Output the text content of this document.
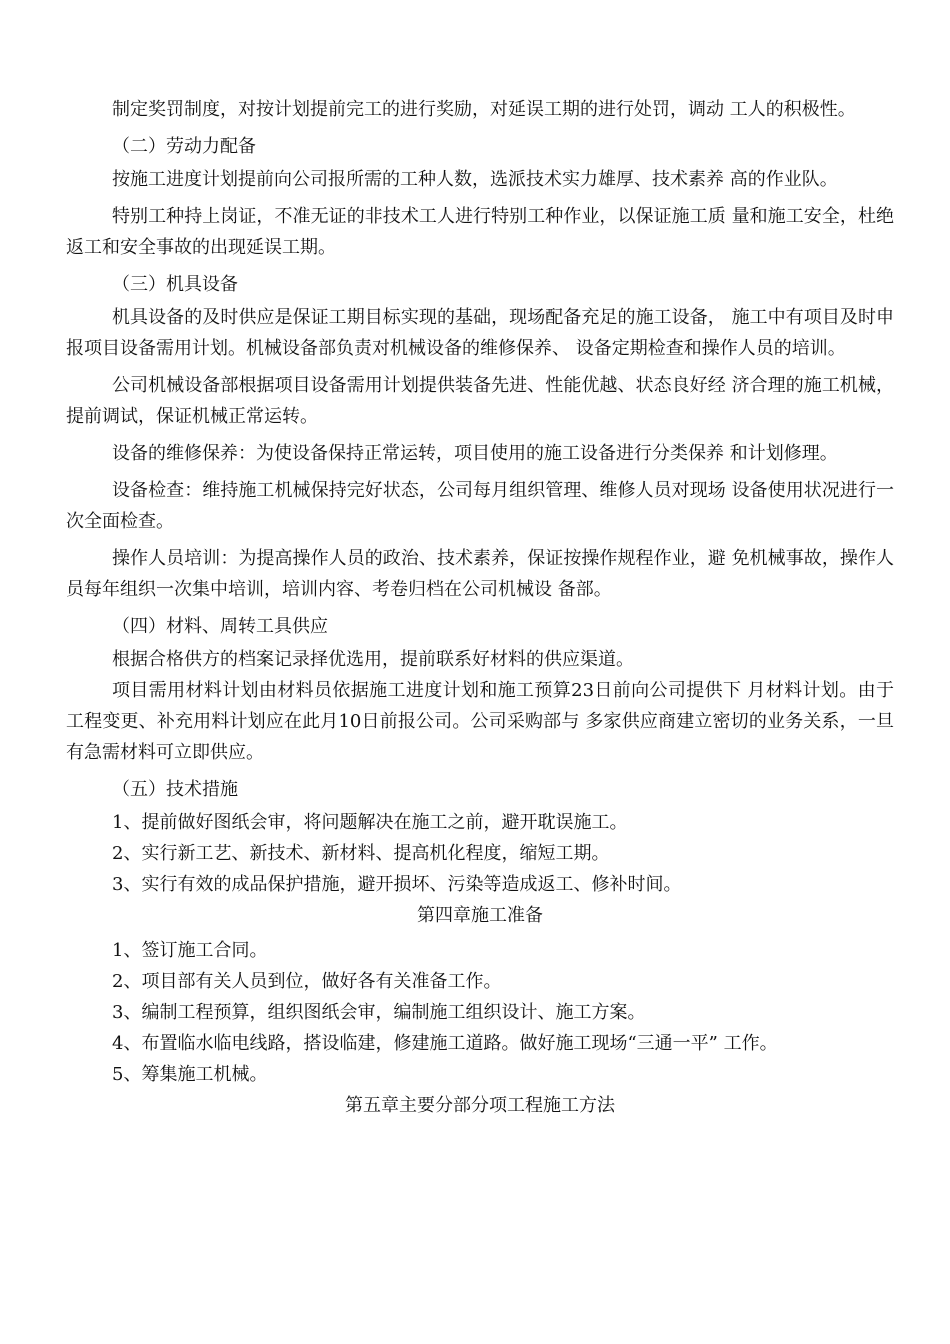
制定奖罚制度，对按计划提前完工的进行奖励，对延误工期的进行处罚，调动 工人的积极性。

（二）劳动力配备

按施工进度计划提前向公司报所需的工种人数，选派技术实力雄厚、技术素养 高的作业队。

特别工种持上岗证，不准无证的非技术工人进行特别工种作业，以保证施工质 量和施工安全，杜绝返工和安全事故的出现延误工期。

（三）机具设备

机具设备的及时供应是保证工期目标实现的基础，现场配备充足的施工设备， 施工中有项目及时申报项目设备需用计划。机械设备部负责对机械设备的维修保养、 设备定期检查和操作人员的培训。

公司机械设备部根据项目设备需用计划提供装备先进、性能优越、状态良好经 济合理的施工机械，提前调试，保证机械正常运转。

设备的维修保养：为使设备保持正常运转，项目使用的施工设备进行分类保养 和计划修理。

设备检查：维持施工机械保持完好状态，公司每月组织管理、维修人员对现场 设备使用状况进行一次全面检查。

操作人员培训：为提高操作人员的政治、技术素养，保证按操作规程作业，避 免机械事故，操作人员每年组织一次集中培训，培训内容、考卷归档在公司机械设 备部。

（四）材料、周转工具供应

根据合格供方的档案记录择优选用，提前联系好材料的供应渠道。

项目需用材料计划由材料员依据施工进度计划和施工预算23日前向公司提供下 月材料计划。由于工程变更、补充用料计划应在此月10日前报公司。公司采购部与 多家供应商建立密切的业务关系，一旦有急需材料可立即供应。

（五）技术措施

1、提前做好图纸会审，将问题解决在施工之前，避开耽误施工。

2、实行新工艺、新技术、新材料、提高机化程度，缩短工期。

3、实行有效的成品保护措施，避开损坏、污染等造成返工、修补时间。

第四章施工准备

1、签订施工合同。

2、项目部有关人员到位，做好各有关准备工作。

3、编制工程预算，组织图纸会审，编制施工组织设计、施工方案。

4、布置临水临电线路，搭设临建，修建施工道路。做好施工现场“三通一平” 工作。

5、筹集施工机械。

第五章主要分部分项工程施工方法
